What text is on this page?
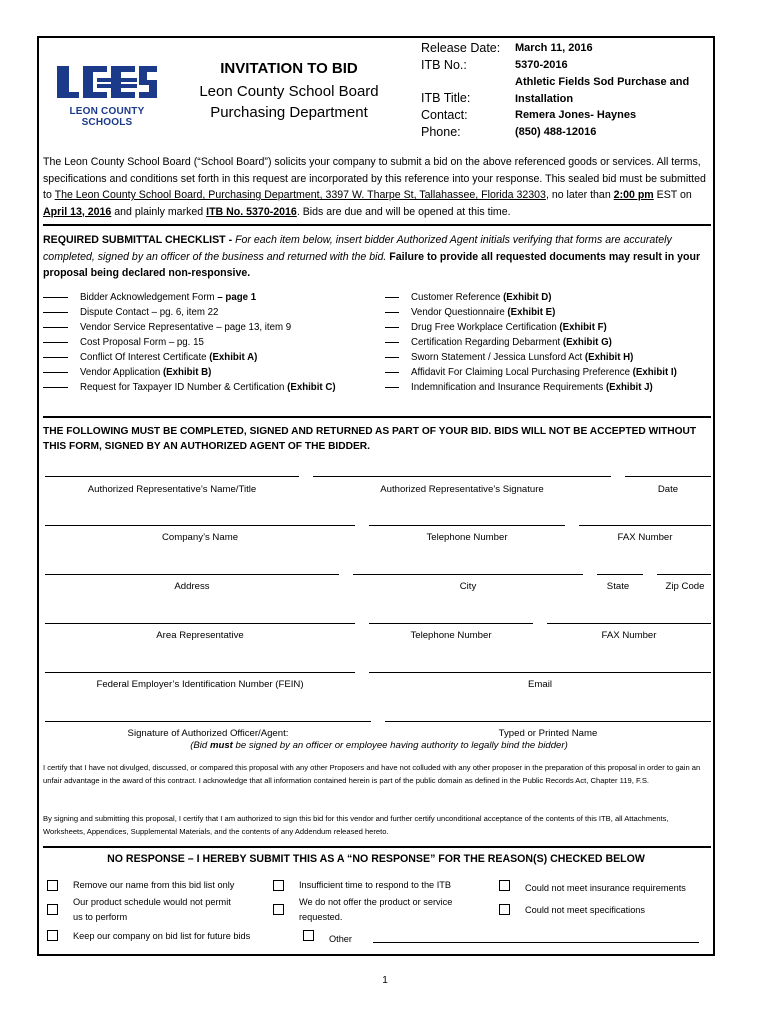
LEON COUNTY SCHOOLS
INVITATION TO BID
Leon County School Board
Purchasing Department
Release Date: March 11, 2016
ITB No.:	5370-2016
ITB Title:
Athletic Fields Sod Purchase and
Installation
Contact:	Remera Jones- Haynes
Phone:	(850) 488-12016
The Leon County School Board (“School Board”) solicits your company to submit a bid on the above referenced goods or services. All terms, specifications and conditions set forth in this request are incorporated by this reference into your response. This sealed bid must be submitted to The Leon County School Board, Purchasing Department, 3397 W. Tharpe St, Tallahassee, Florida 32303, no later than 2:00 pm EST on April 13, 2016 and plainly marked ITB No. 5370-2016. Bids are due and will be opened at this time.
REQUIRED SUBMITTAL CHECKLIST - For each item below, insert bidder Authorized Agent initials verifying that forms are accurately completed, signed by an officer of the business and returned with the bid. Failure to provide all requested documents may result in your proposal being declared non-responsive.
Bidder Acknowledgement Form – page 1
Dispute Contact – pg. 6, item 22
Vendor Service Representative – page 13, item 9
Cost Proposal Form – pg. 15
Conflict Of Interest Certificate (Exhibit A)
Vendor Application (Exhibit B)
Request for Taxpayer ID Number & Certification (Exhibit C)
Customer Reference (Exhibit D)
Vendor Questionnaire (Exhibit E)
Drug Free Workplace Certification (Exhibit F)
Certification Regarding Debarment (Exhibit G)
Sworn Statement / Jessica Lunsford Act (Exhibit H)
Affidavit For Claiming Local Purchasing Preference (Exhibit I)
Indemnification and Insurance Requirements (Exhibit J)
THE FOLLOWING MUST BE COMPLETED, SIGNED AND RETURNED AS PART OF YOUR BID. BIDS WILL NOT BE ACCEPTED WITHOUT THIS FORM, SIGNED BY AN AUTHORIZED AGENT OF THE BIDDER.
Authorized Representative’s Name/Title	Authorized Representative’s Signature	Date
Company’s Name	Telephone Number	FAX Number
Address	City	State	Zip Code
Area Representative	Telephone Number	FAX Number
Federal Employer’s Identification Number (FEIN)	Email
Signature of Authorized Officer/Agent:	Typed or Printed Name
(Bid must be signed by an officer or employee having authority to legally bind the bidder)
I certify that I have not divulged, discussed, or compared this proposal with any other Proposers and have not colluded with any other proposer in the preparation of this proposal in order to gain an unfair advantage in the award of this contract. I acknowledge that all information contained herein is part of the public domain as defined in the Public Records Act, Chapter 119, F.S.
By signing and submitting this proposal, I certify that I am authorized to sign this bid for this vendor and further certify unconditional acceptance of the contents of this ITB, all Attachments, Worksheets, Appendices, Supplemental Materials, and the contents of any Addendum released hereto.
NO RESPONSE – I HEREBY SUBMIT THIS AS A “NO RESPONSE” FOR THE REASON(S) CHECKED BELOW
Remove our name from this bid list only
Our product schedule would not permit
us to perform
Keep our company on bid list for future bids
Insufficient time to respond to the ITB
We do not offer the product or service
requested.
Other
Could not meet insurance requirements
Could not meet specifications
1
